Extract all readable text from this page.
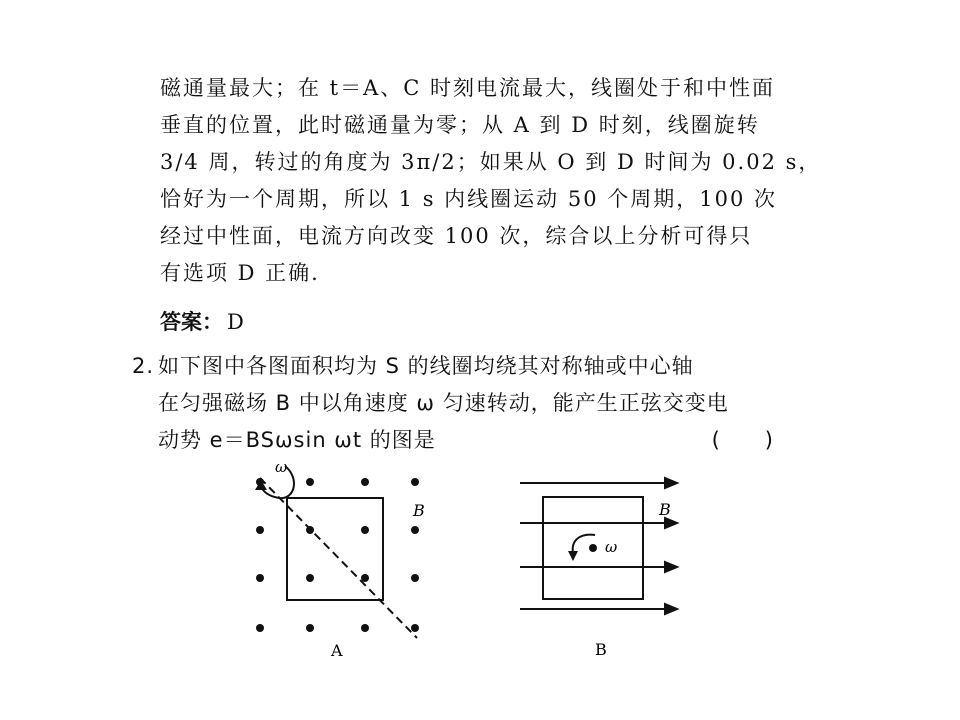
磁通量最大；在 t＝A、C 时刻电流最大，线圈处于和中性面
垂直的位置，此时磁通量为零；从 A 到 D 时刻，线圈旋转
3/4 周，转过的角度为 3π/2；如果从 O 到 D 时间为 0.02 s，
恰好为一个周期，所以 1 s 内线圈运动 50 个周期，100 次
经过中性面，电流方向改变 100 次，综合以上分析可得只
有选项 D 正确.
答案： D
2. 如下图中各图面积均为 S 的线圈均绕其对称轴或中心轴
在匀强磁场 B 中以角速度 ω 匀速转动，能产生正弦交变电
动势 e＝BSωsin ωt 的图是	(　　)
ω
B
A
ω
B
B
